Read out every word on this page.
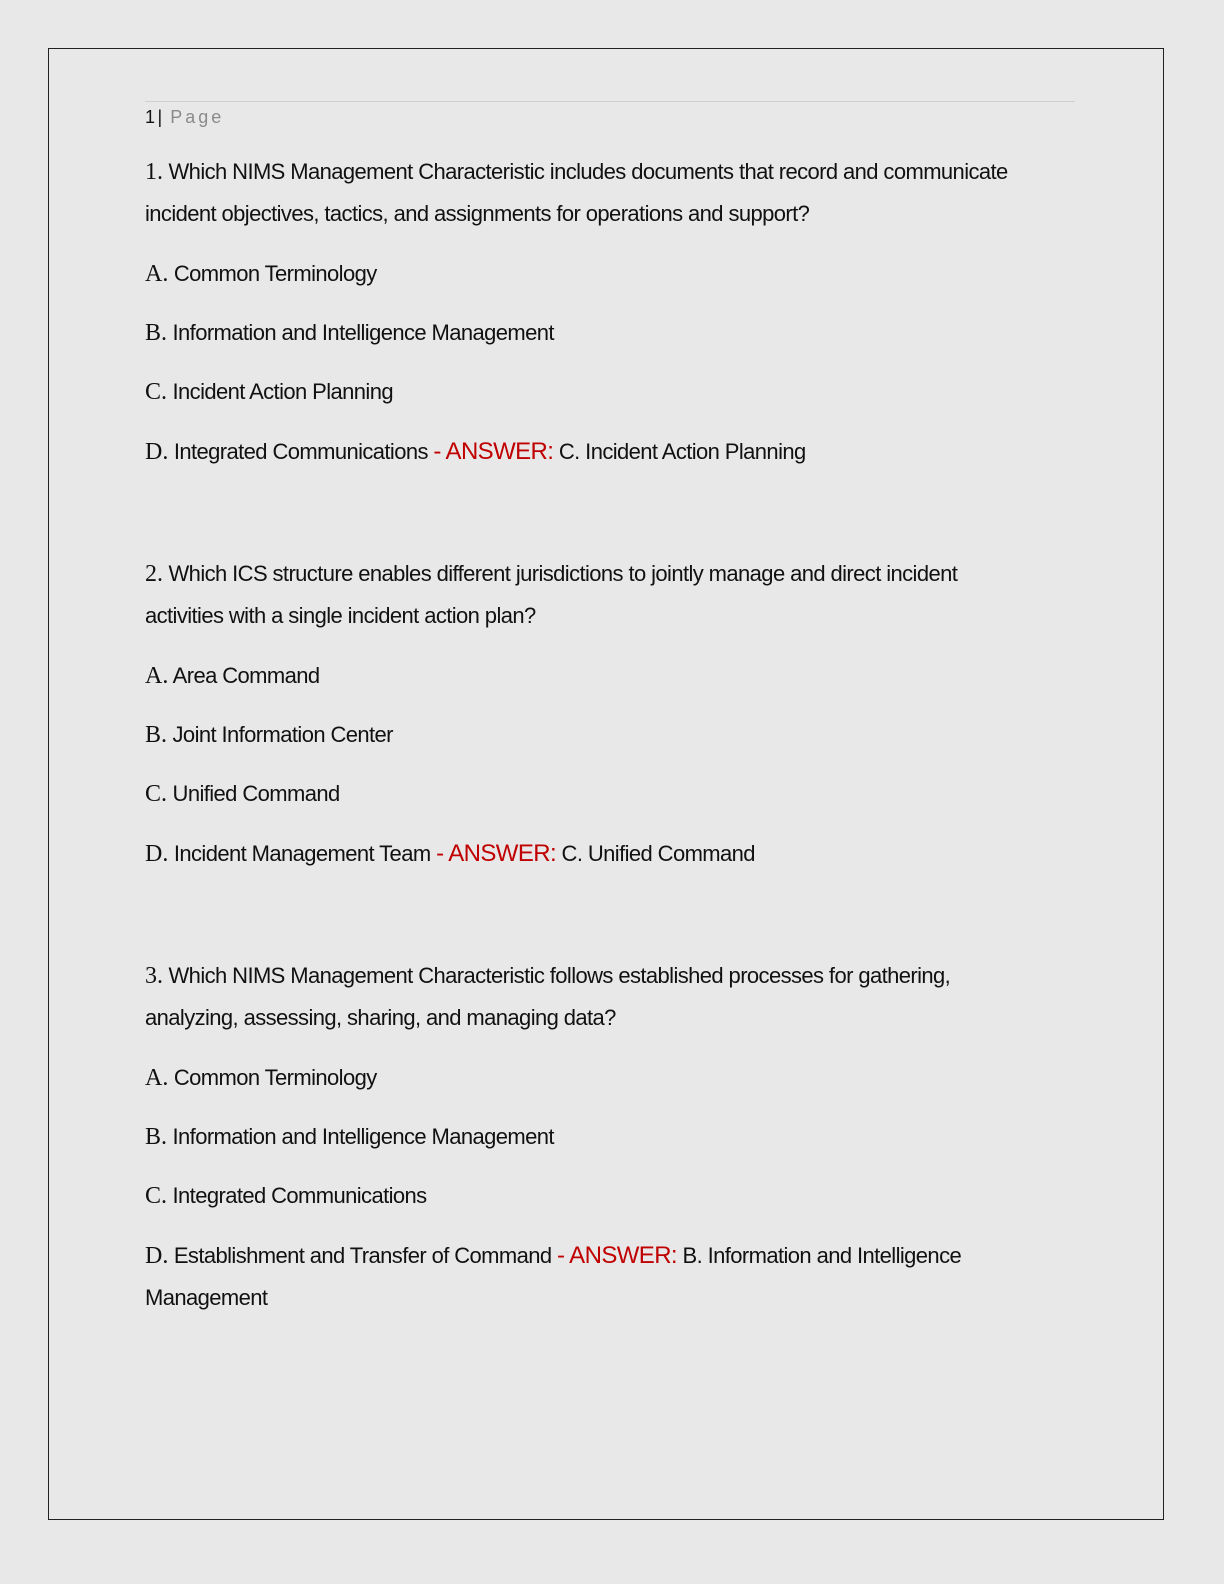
1 | Page
1. Which NIMS Management Characteristic includes documents that record and communicate incident objectives, tactics, and assignments for operations and support?
A. Common Terminology
B. Information and Intelligence Management
C. Incident Action Planning
D. Integrated Communications - ANSWER: C. Incident Action Planning
2. Which ICS structure enables different jurisdictions to jointly manage and direct incident activities with a single incident action plan?
A. Area Command
B. Joint Information Center
C. Unified Command
D. Incident Management Team - ANSWER: C. Unified Command
3. Which NIMS Management Characteristic follows established processes for gathering, analyzing, assessing, sharing, and managing data?
A. Common Terminology
B. Information and Intelligence Management
C. Integrated Communications
D. Establishment and Transfer of Command - ANSWER: B. Information and Intelligence Management
